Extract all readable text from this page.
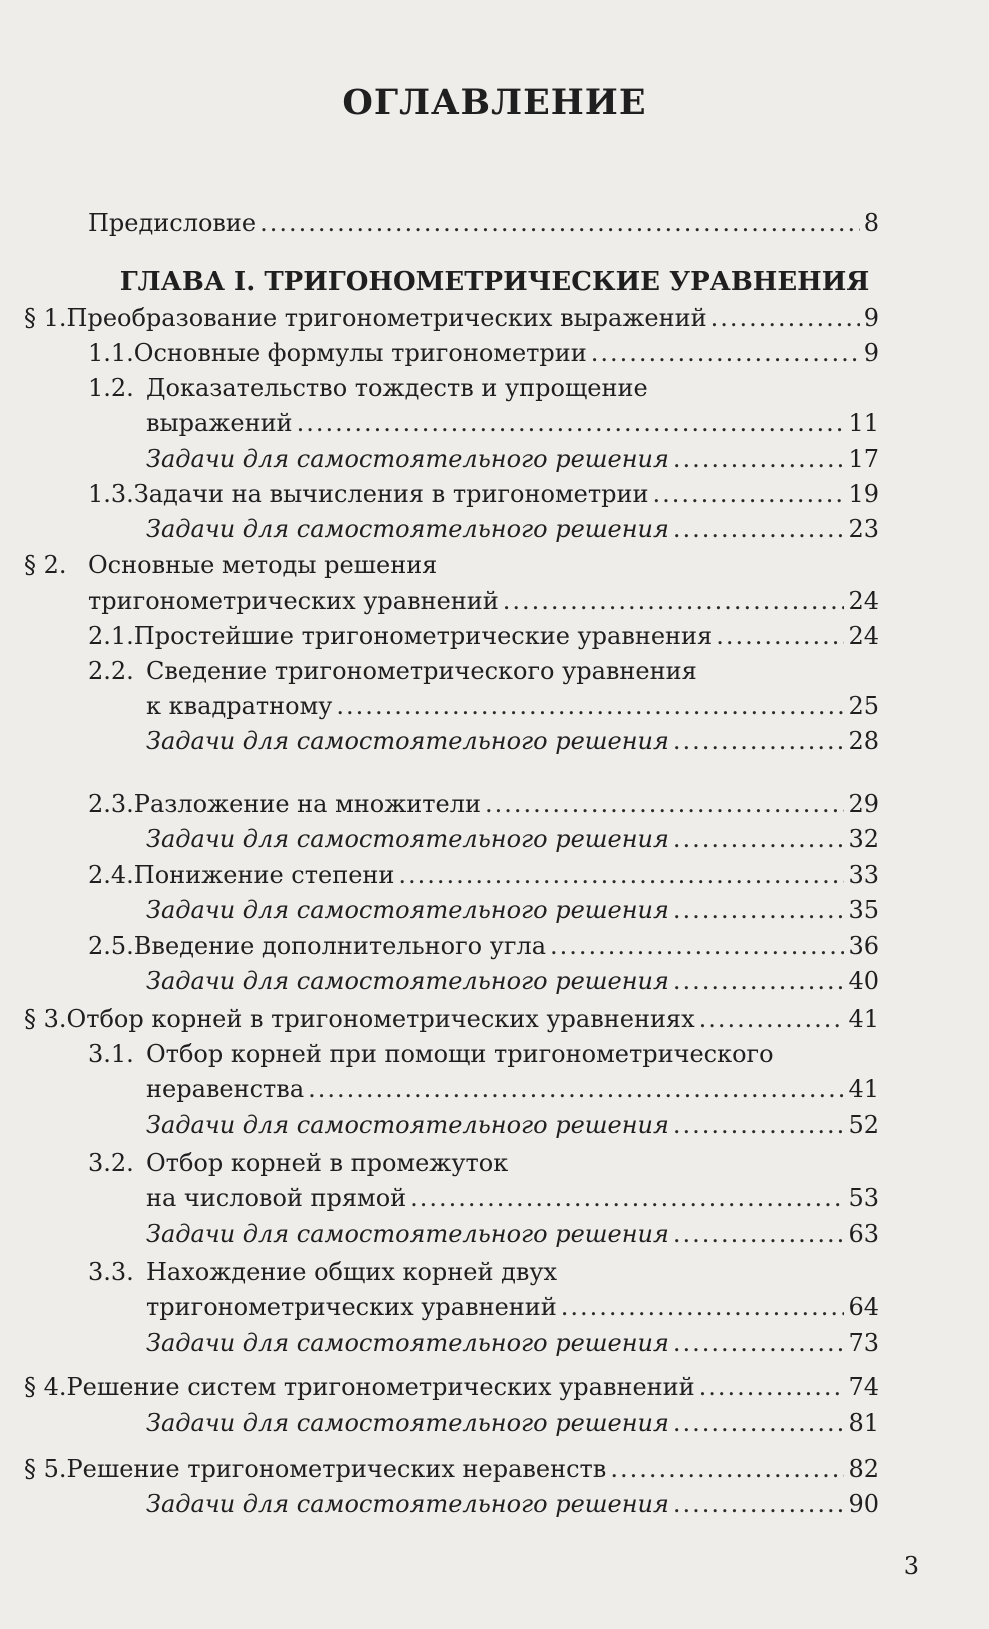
ОГЛАВЛЕНИЕ
Предисловие .....	8
ГЛАВА I. ТРИГОНОМЕТРИЧЕСКИЕ УРАВНЕНИЯ
§ 1. Преобразование тригонометрических выражений .....	9
1.1. Основные формулы тригонометрии .....	9
1.2. Доказательство тождеств и упрощение
выражений .....	11
Задачи для самостоятельного решения .....	17
1.3. Задачи на вычисления в тригонометрии .....	19
Задачи для самостоятельного решения .....	23
§ 2. Основные методы решения
тригонометрических уравнений .....	24
2.1. Простейшие тригонометрические уравнения .....	24
2.2. Сведение тригонометрического уравнения
к квадратному .....	25
Задачи для самостоятельного решения .....	28
2.3. Разложение на множители .....	29
Задачи для самостоятельного решения .....	32
2.4. Понижение степени .....	33
Задачи для самостоятельного решения .....	35
2.5. Введение дополнительного угла .....	36
Задачи для самостоятельного решения .....	40
§ 3. Отбор корней в тригонометрических уравнениях .....	41
3.1. Отбор корней при помощи тригонометрического
неравенства .....	41
Задачи для самостоятельного решения .....	52
3.2. Отбор корней в промежуток
на числовой прямой .....	53
Задачи для самостоятельного решения .....	63
3.3. Нахождение общих корней двух
тригонометрических уравнений .....	64
Задачи для самостоятельного решения .....	73
§ 4. Решение систем тригонометрических уравнений .....	74
Задачи для самостоятельного решения .....	81
§ 5. Решение тригонометрических неравенств .....	82
Задачи для самостоятельного решения .....	90
3
